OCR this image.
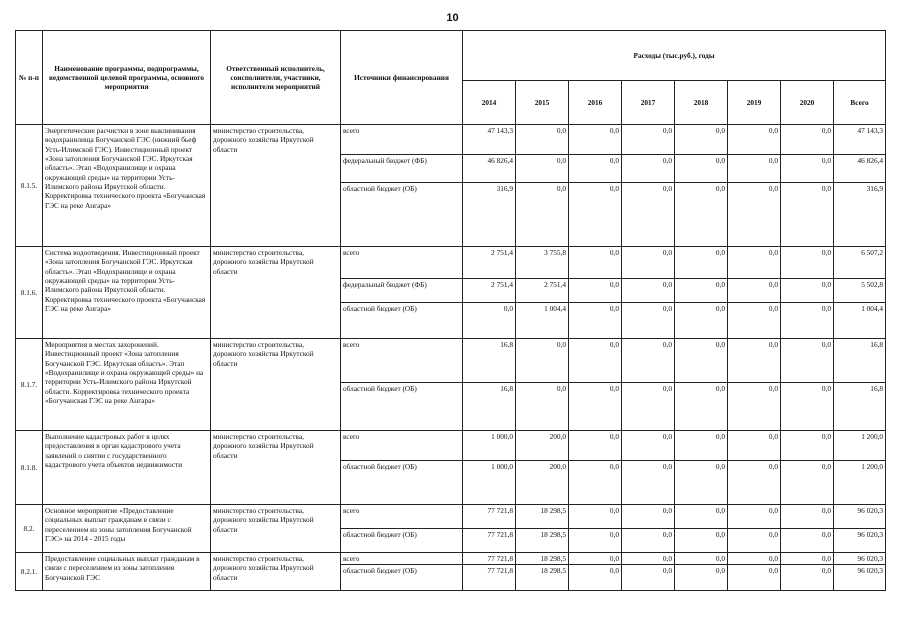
10
№ п-п	Наименование программы, подпрограммы, ведомственной целевой программы, основного мероприятия	Ответственный исполнитель, соисполнители, участники, исполнители мероприятий	Источники финансирования	Расходы (тыс.руб.), годы							
				2014	2015	2016	2017	2018	2019	2020	Всего
8.1.5.	Энергетические расчистки в зоне выклинивания водохранилища Богучанской ГЭС (нижний бьеф Усть-Илимской ГЭС). Инвестиционный проект «Зона затопления Богучанской ГЭС. Иркутская область». Этап «Водохранилище и охрана окружающей среды» на территории Усть-Илимского района Иркутской области. Корректировка технического проекта «Богучанская ГЭС на реке Ангара»	министерство строительства, дорожного хозяйства Иркутской области	всего	47 143,3	0,0	0,0	0,0	0,0	0,0	0,0	47 143,3
			федеральный бюджет (ФБ)	46 826,4	0,0	0,0	0,0	0,0	0,0	0,0	46 826,4
			областной бюджет (ОБ)	316,9	0,0	0,0	0,0	0,0	0,0	0,0	316,9
8.1.6.	Система водоотведения. Инвестиционный проект «Зона затопления Богучанской ГЭС. Иркутская область». Этап «Водохранилище и охрана окружающей среды» на территории Усть-Илимского района Иркутской области. Корректировка технического проекта «Богучанская ГЭС на реке Ангара»	министерство строительства, дорожного хозяйства Иркутской области	всего	2 751,4	3 755,8	0,0	0,0	0,0	0,0	0,0	6 507,2
			федеральный бюджет (ФБ)	2 751,4	2 751,4	0,0	0,0	0,0	0,0	0,0	5 502,8
			областной бюджет (ОБ)	0,0	1 004,4	0,0	0,0	0,0	0,0	0,0	1 004,4
8.1.7.	Мероприятия в местах захоронений. Инвестиционный проект «Зона затопления Богучанской ГЭС. Иркутская область». Этап «Водохранилище и охрана окружающей среды» на территории Усть-Илимского района Иркутской области. Корректировка технического проекта «Богучанская ГЭС на реке Ангара»	министерство строительства, дорожного хозяйства Иркутской области	всего	16,8	0,0	0,0	0,0	0,0	0,0	0,0	16,8
			областной бюджет (ОБ)	16,8	0,0	0,0	0,0	0,0	0,0	0,0	16,8
8.1.8.	Выполнение кадастровых работ в целях предоставления в орган кадастрового учета заявлений о снятии с государственного кадастрового учета объектов недвижимости	министерство строительства, дорожного хозяйства Иркутской области	всего	1 000,0	200,0	0,0	0,0	0,0	0,0	0,0	1 200,0
			областной бюджет (ОБ)	1 000,0	200,0	0,0	0,0	0,0	0,0	0,0	1 200,0
8.2.	Основное мероприятие «Предоставление социальных выплат гражданам в связи с переселением из зоны затопления Богучанской ГЭС» на 2014 - 2015 годы	министерство строительства, дорожного хозяйства Иркутской области	всего	77 721,8	18 298,5	0,0	0,0	0,0	0,0	0,0	96 020,3
			областной бюджет (ОБ)	77 721,8	18 298,5	0,0	0,0	0,0	0,0	0,0	96 020,3
8.2.1.	Предоставление социальных выплат гражданам в связи с переселением из зоны затопления Богучанской ГЭС	министерство строительства, дорожного хозяйства Иркутской области	всего	77 721,8	18 298,5	0,0	0,0	0,0	0,0	0,0	96 020,3
			областной бюджет (ОБ)	77 721,8	18 298,5	0,0	0,0	0,0	0,0	0,0	96 020,3
